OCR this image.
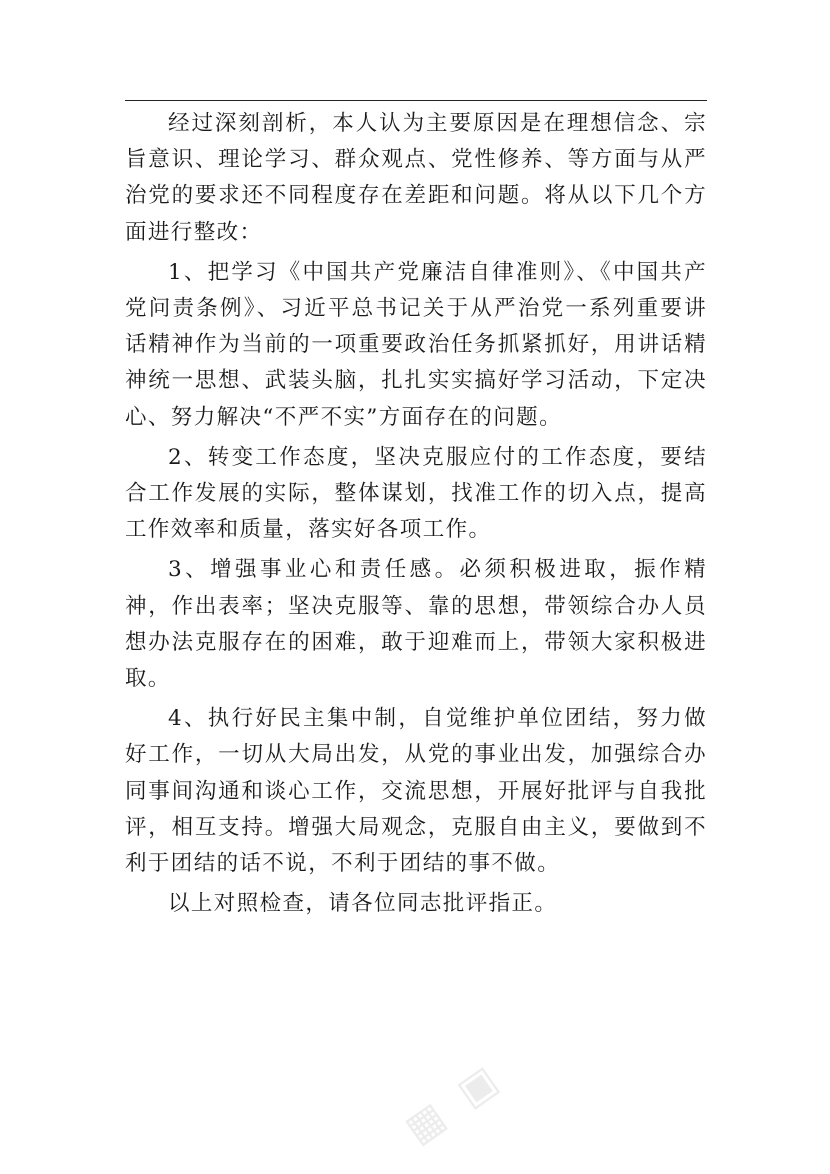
经过深刻剖析，本人认为主要原因是在理想信念、宗旨意识、理论学习、群众观点、党性修养、等方面与从严治党的要求还不同程度存在差距和问题。将从以下几个方面进行整改：

1、把学习《中国共产党廉洁自律准则》、《中国共产党问责条例》、习近平总书记关于从严治党一系列重要讲话精神作为当前的一项重要政治任务抓紧抓好，用讲话精神统一思想、武装头脑，扎扎实实搞好学习活动，下定决心、努力解决“不严不实”方面存在的问题。

2、转变工作态度，坚决克服应付的工作态度，要结合工作发展的实际，整体谋划，找准工作的切入点，提高工作效率和质量，落实好各项工作。

3、增强事业心和责任感。必须积极进取，振作精神，作出表率；坚决克服等、靠的思想，带领综合办人员想办法克服存在的困难，敢于迎难而上，带领大家积极进取。

4、执行好民主集中制，自觉维护单位团结，努力做好工作，一切从大局出发，从党的事业出发，加强综合办同事间沟通和谈心工作，交流思想，开展好批评与自我批评，相互支持。增强大局观念，克服自由主义，要做到不利于团结的话不说，不利于团结的事不做。

以上对照检查，请各位同志批评指正。

▦ ▣
